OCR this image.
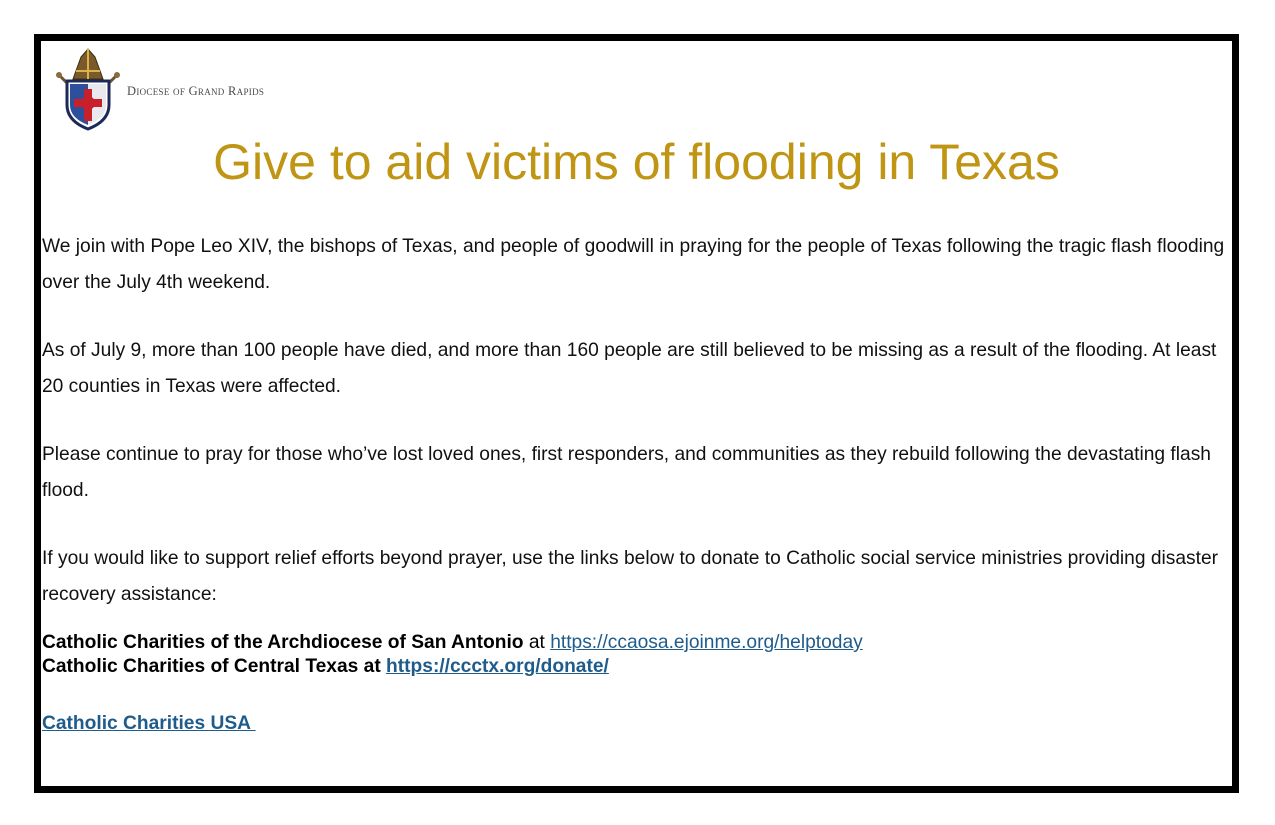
Diocese of Grand Rapids
Give to aid victims of flooding in Texas

We join with Pope Leo XIV, the bishops of Texas, and people of goodwill in praying for the people of Texas following the tragic flash flooding over the July 4th weekend.

As of July 9, more than 100 people have died, and more than 160 people are still believed to be missing as a result of the flooding. At least 20 counties in Texas were affected.

Please continue to pray for those who’ve lost loved ones, first responders, and communities as they rebuild following the devastating flash flood.

If you would like to support relief efforts beyond prayer, use the links below to donate to Catholic social service ministries providing disaster recovery assistance:

Catholic Charities of the Archdiocese of San Antonio at https://ccaosa.ejoinme.org/helptoday
Catholic Charities of Central Texas at https://ccctx.org/donate/
Catholic Charities USA
